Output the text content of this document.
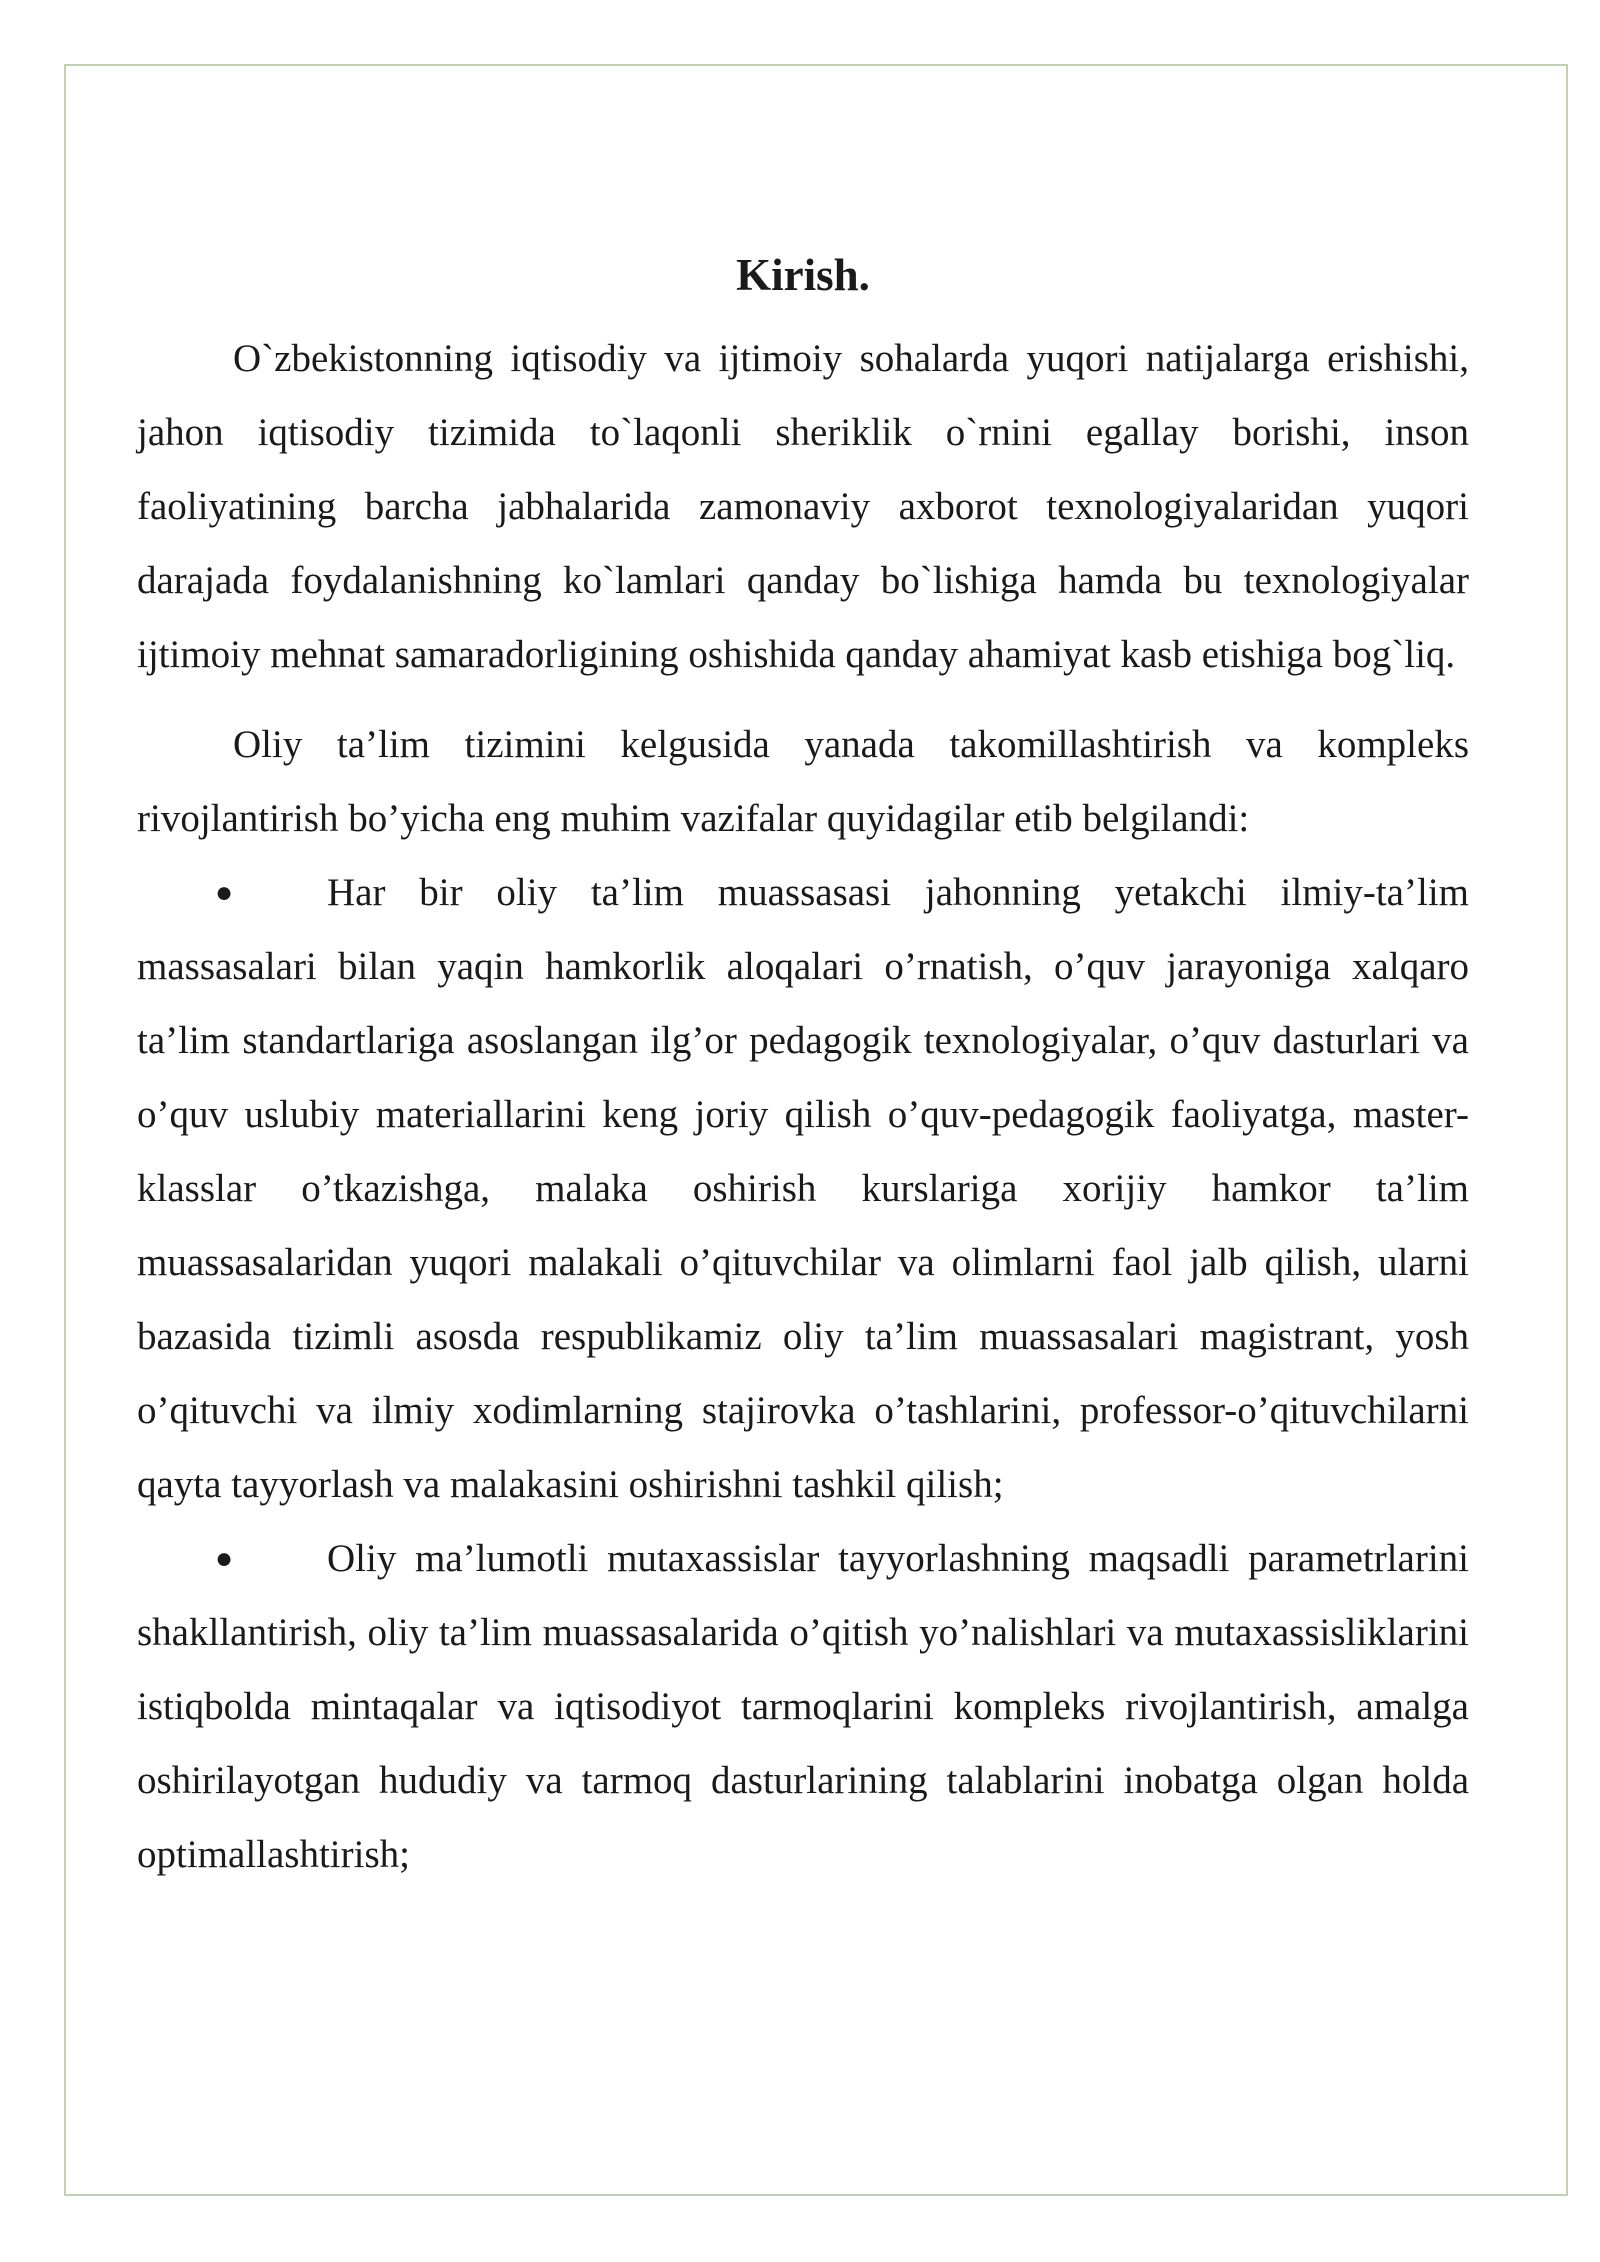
Kirish.

O`zbekistonning iqtisodiy va ijtimoiy sohalarda yuqori natijalarga erishishi, jahon iqtisodiy tizimida to`laqonli sheriklik o`rnini egallay borishi, inson faoliyatining barcha jabhalarida zamonaviy axborot texnologiyalaridan yuqori darajada foydalanishning ko`lamlari qanday bo`lishiga hamda bu texnologiyalar ijtimoiy mehnat samaradorligining oshishida qanday ahamiyat kasb etishiga bog`liq.

Oliy ta’lim tizimini kelgusida yanada takomillashtirish va kompleks rivojlantirish bo’yicha eng muhim vazifalar quyidagilar etib belgilandi:

● Har bir oliy ta’lim muassasasi jahonning yetakchi ilmiy-ta’lim massasalari bilan yaqin hamkorlik aloqalari o’rnatish, o’quv jarayoniga xalqaro ta’lim standartlariga asoslangan ilg’or pedagogik texnologiyalar, o’quv dasturlari va o’quv uslubiy materiallarini keng joriy qilish o’quv-pedagogik faoliyatga, master-klasslar o’tkazishga, malaka oshirish kurslariga xorijiy hamkor ta’lim muassasalaridan yuqori malakali o’qituvchilar va olimlarni faol jalb qilish, ularni bazasida tizimli asosda respublikamiz oliy ta’lim muassasalari magistrant, yosh o’qituvchi va ilmiy xodimlarning stajirovka o’tashlarini, professor-o’qituvchilarni qayta tayyorlash va malakasini oshirishni tashkil qilish;

● Oliy ma’lumotli mutaxassislar tayyorlashning maqsadli parametrlarini shakllantirish, oliy ta’lim muassasalarida o’qitish yo’nalishlari va mutaxassisliklarini istiqbolda mintaqalar va iqtisodiyot tarmoqlarini kompleks rivojlantirish, amalga oshirilayotgan hududiy va tarmoq dasturlarining talablarini inobatga olgan holda optimallashtirish;
